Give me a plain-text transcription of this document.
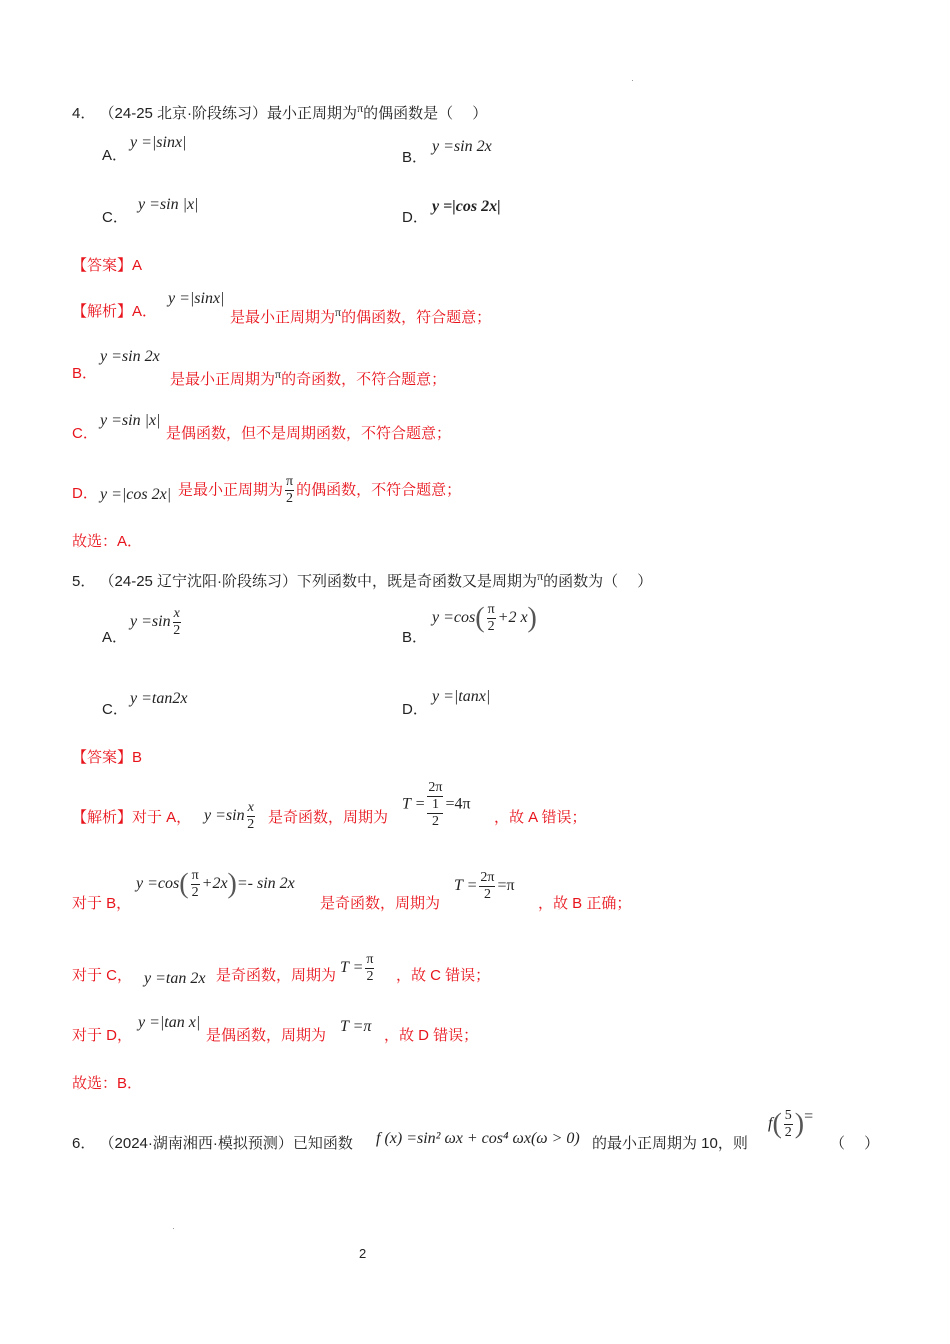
4． （24-25 北京·阶段练习）最小正周期为$^\pi$的偶函数是（　 ）
A．
y =|sinx|
B．
y =sin 2x
C．
y =sin |x|
D．
y =|cos 2x|
【答案】A
【解析】A．
y =|sinx|
是最小正周期为$^\pi$的偶函数，符合题意；
B．
y =sin 2x
是最小正周期为$^\pi$的奇函数，不符合题意；
C．
y =sin |x|
是偶函数，但不是周期函数，不符合题意；
D． y =|cos 2x| 是最小正周期为 $\frac{\pi}{2}$ 的偶函数，不符合题意；
故选：A．
5． （24-25 辽宁沈阳·阶段练习）下列函数中，既是奇函数又是周期为$^\pi$的函数为（　 ）
A．
$y =\sin \frac{x}{2}$	B．
$y =\cos( \frac{\pi}{2} +2$ x)
C．
y =tan2x
D．
y =|tanx|
【答案】B
【解析】对于 A， $y =\sin \frac{x}{2}$ 是奇函数，周期为
T = 2π
1
2 =4π
，故 A 错误；
对于 B，
$y =\cos( \frac{\pi}{2} +2x)=-$ sin 2x
是奇函数，周期为
$T = \frac{2\pi}{2} =\pi$
，故 B 正确；
对于 C， y =tan 2x 是奇函数，周期为 $T = \frac{\pi}{2}$ ，故 C 错误；
对于 D，
y =|tan x|
是偶函数，周期为
T =π
，故 D 错误；
故选：B．
6． （2024·湖南湘西·模拟预测）已知函数 f (x) =sin² ωx + cos⁴ ωx(ω > 0) 的最小正周期为 10，则
$f( \frac{5}{2}$ )=
（　 ）
2
